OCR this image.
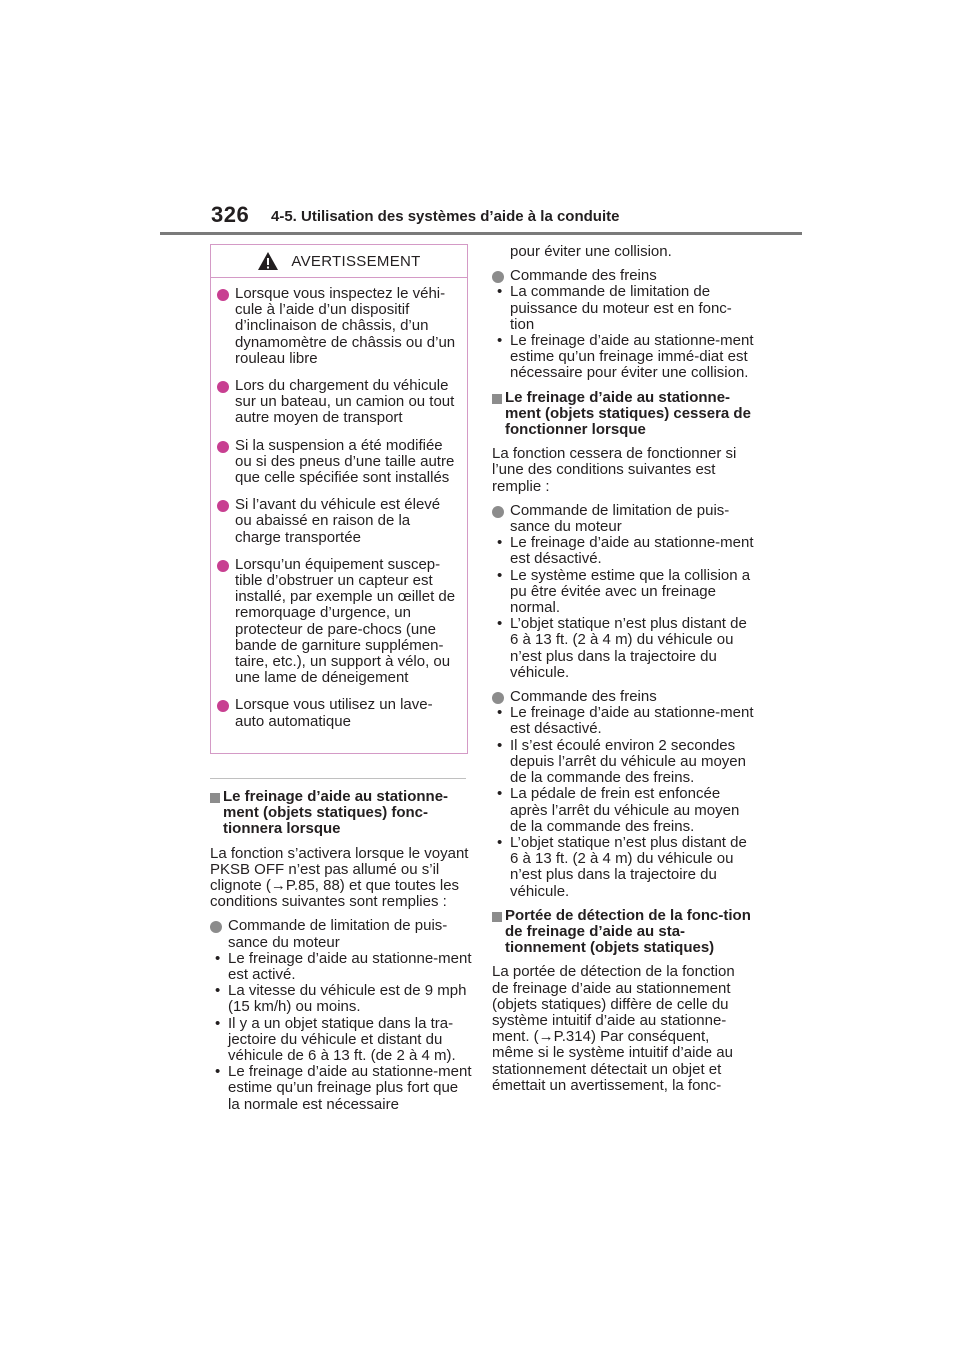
326 4-5. Utilisation des systèmes d’aide à la conduite
AVERTISSEMENT
Lorsque vous inspectez le véhi-cule à l’aide d’un dispositif d’inclinaison de châssis, d’un dynamomètre de châssis ou d’un rouleau libre
Lors du chargement du véhicule sur un bateau, un camion ou tout autre moyen de transport
Si la suspension a été modifiée ou si des pneus d’une taille autre que celle spécifiée sont installés
Si l’avant du véhicule est élevé ou abaissé en raison de la charge transportée
Lorsqu’un équipement suscep-tible d’obstruer un capteur est installé, par exemple un œillet de remorquage d’urgence, un protecteur de pare-chocs (une bande de garniture supplémen-taire, etc.), un support à vélo, ou une lame de déneigement
Lorsque vous utilisez un lave-auto automatique
Le freinage d’aide au stationne-ment (objets statiques) fonc-tionnera lorsque
La fonction s’activera lorsque le voyant PKSB OFF n’est pas allumé ou s’il clignote (→P.85, 88) et que toutes les conditions suivantes sont remplies :
Commande de limitation de puis-sance du moteur
• Le freinage d’aide au stationne-ment est activé.
• La vitesse du véhicule est de 9 mph (15 km/h) ou moins.
• Il y a un objet statique dans la tra-jectoire du véhicule et distant du véhicule de 6 à 13 ft. (de 2 à 4 m).
• Le freinage d’aide au stationne-ment estime qu’un freinage plus fort que la normale est nécessaire
pour éviter une collision.
Commande des freins
• La commande de limitation de puissance du moteur est en fonc-tion
• Le freinage d’aide au stationne-ment estime qu’un freinage immé-diat est nécessaire pour éviter une collision.
Le freinage d’aide au stationne-ment (objets statiques) cessera de fonctionner lorsque
La fonction cessera de fonctionner si l’une des conditions suivantes est remplie :
Commande de limitation de puis-sance du moteur
• Le freinage d’aide au stationne-ment est désactivé.
• Le système estime que la collision a pu être évitée avec un freinage normal.
• L’objet statique n’est plus distant de 6 à 13 ft. (2 à 4 m) du véhicule ou n’est plus dans la trajectoire du véhicule.
Commande des freins
• Le freinage d’aide au stationne-ment est désactivé.
• Il s’est écoulé environ 2 secondes depuis l’arrêt du véhicule au moyen de la commande des freins.
• La pédale de frein est enfoncée après l’arrêt du véhicule au moyen de la commande des freins.
• L’objet statique n’est plus distant de 6 à 13 ft. (2 à 4 m) du véhicule ou n’est plus dans la trajectoire du véhicule.
Portée de détection de la fonc-tion de freinage d’aide au sta-tionnement (objets statiques)
La portée de détection de la fonction de freinage d’aide au stationnement (objets statiques) diffère de celle du système intuitif d’aide au stationne-ment. (→P.314) Par conséquent, même si le système intuitif d’aide au stationnement détectait un objet et émettait un avertissement, la fonc-
